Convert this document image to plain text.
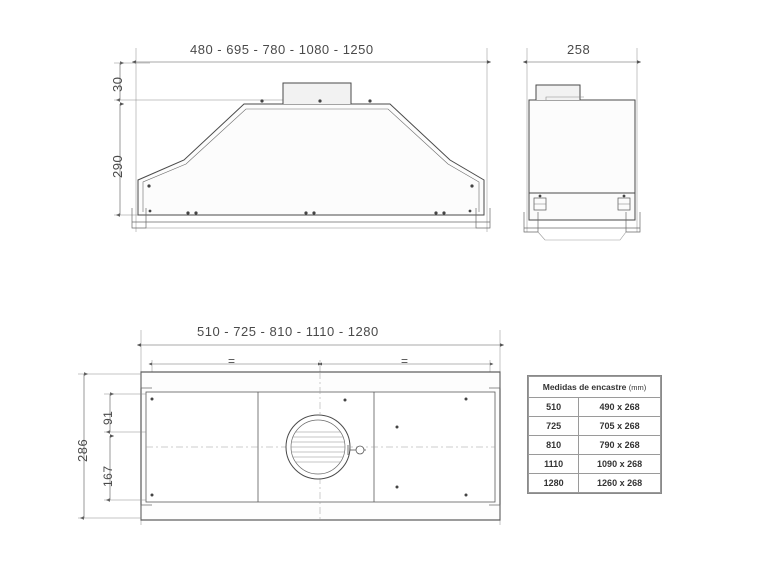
480 - 695 - 780 - 1080 - 1250
30
290
258
510 - 725 - 810 - 1110 - 1280
=	=
286
91
167
Medidas de encastre (mm)	
510	490 x 268
725	705 x 268
810	790 x 268
1110	1090 x 268
1280	1260 x 268
